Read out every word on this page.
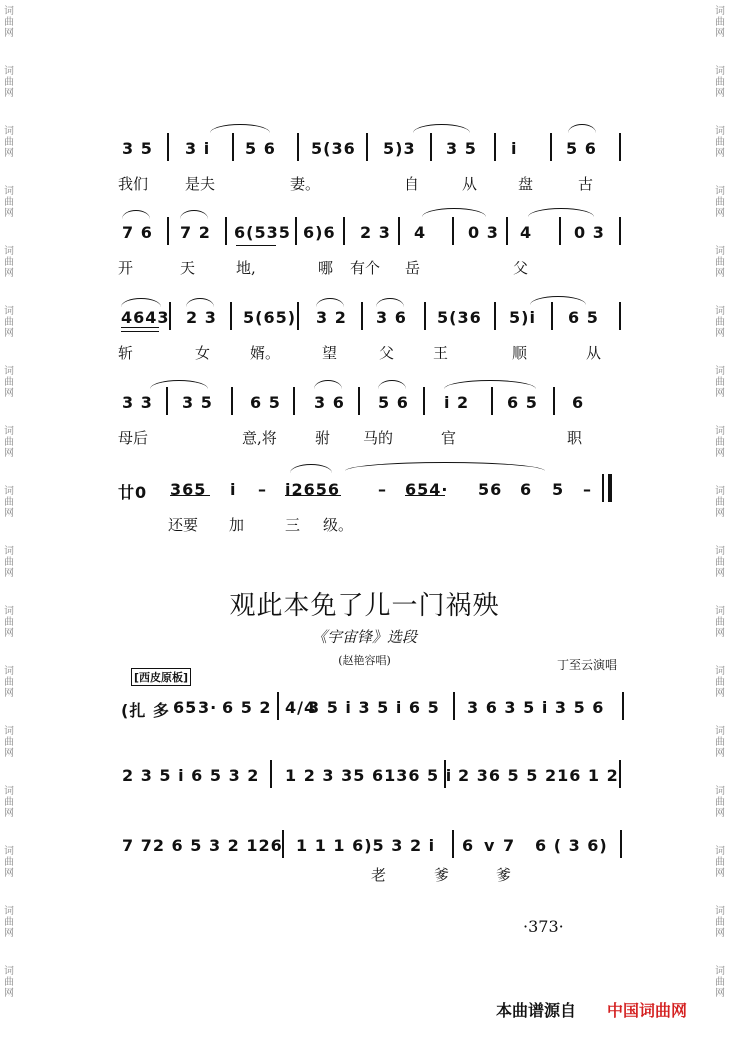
词
曲
网
词
曲
网
词
曲
网
词
曲
网
词
曲
网
词
曲
网
词
曲
网
词
曲
网
词
曲
网
词
曲
网
词
曲
网
词
曲
网
词
曲
网
词
曲
网
词
曲
网
词
曲
网
词
曲
网
词
曲
网
词
曲
网
词
曲
网
词
曲
网
词
曲
网
词
曲
网
词
曲
网
词
曲
网
词
曲
网
词
曲
网
词
曲
网
词
曲
网
词
曲
网
词
曲
网
词
曲
网
词
曲
网
词
曲
网
3 5 3 i 5 6 5(36 5)3 3 5 i	5 6
我们 是夫	妻。	自	从	盘	古
7 6 7 2 6(535 6)6 2 3 4	0 3 4	0 3
开	天	地,	哪 有个 岳	父
4643 2 3 5(65) 3 2 3 6 5(36 5)i 6 5
斩	女	婿。	望	父	王	顺	从
3 3 3 5 6 5 3 6 5 6 i 2 6 5 6
母后	意,将	驸 马的	官	职
廿0 365 i – i2656 – 654· 56 6 5 –
还要 加	三 级。
观此本免了儿一门祸殃
《宇宙锋》选段
(赵艳容唱)	丁至云演唱
[西皮原板]
(扎 多 65 3· 6 5 2 4/4
3 5 i 3 5 i 6 5 3 6 3 5 i 3 5 6
2 3 5 i 6 5 3 2 1 2 3 35 6136 5 i 2 36 5 5 216 1 2
7 72 6 5 3 2 126 1 1 1 6)5 3 2 i 6 v 7 6 ( 3 6)
老	爹	爹
·373·
本曲谱源自 中国词曲网
